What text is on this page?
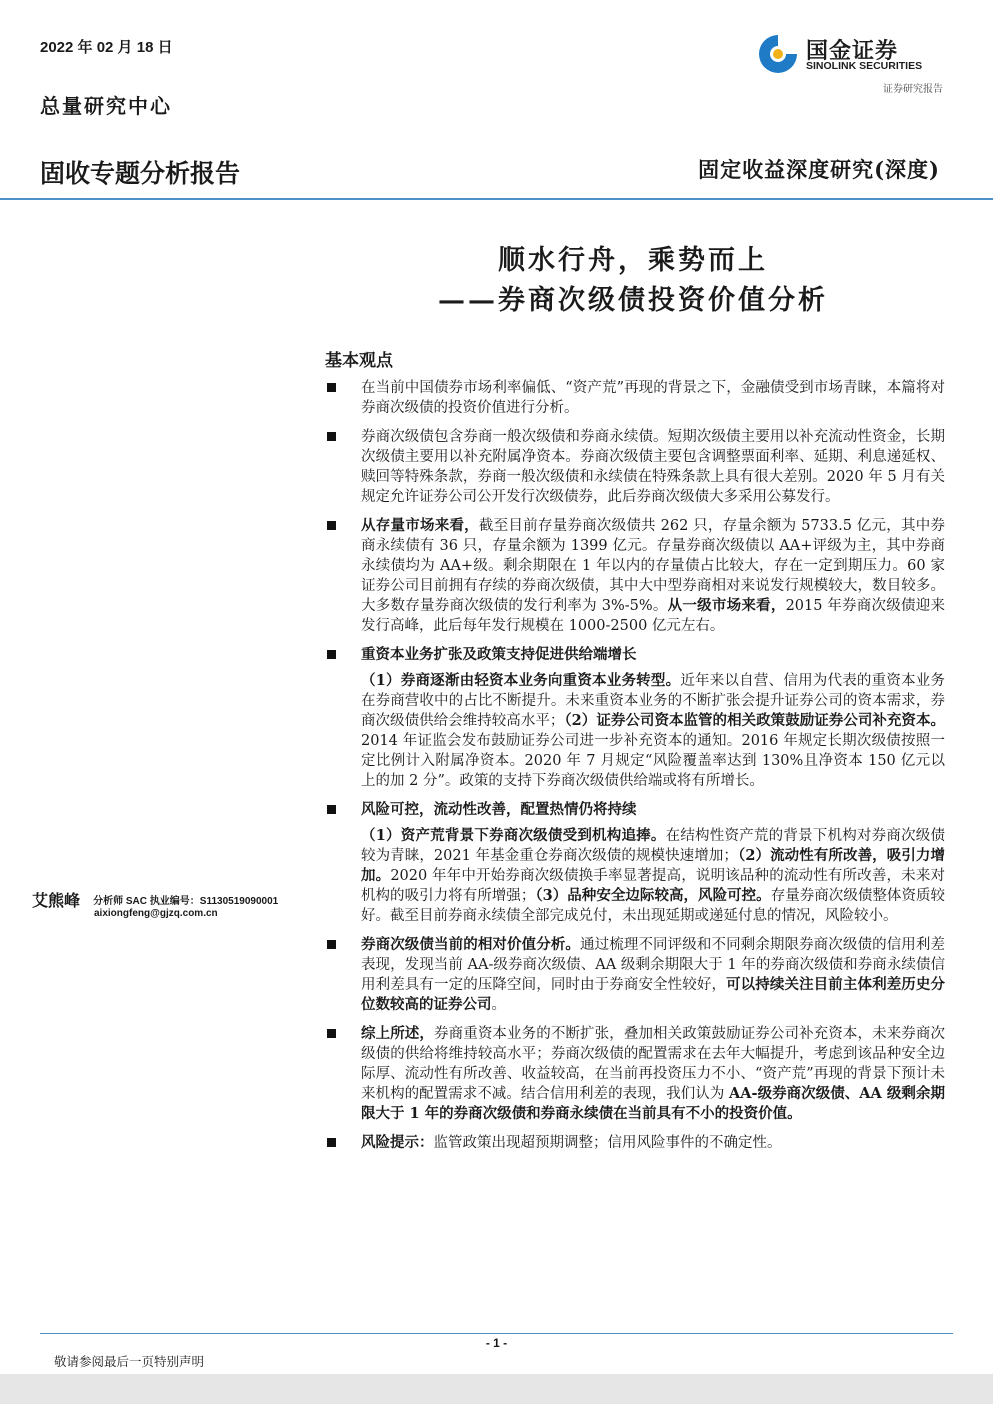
2022 年 02 月 18 日
总量研究中心
固收专题分析报告	固定收益深度研究(深度)
国金证券
SINOLINK SECURITIES
证券研究报告
顺水行舟，乘势而上
——券商次级债投资价值分析
基本观点

在当前中国债券市场利率偏低、“资产荒”再现的背景之下，金融债受到市场青睐，本篇将对券商次级债的投资价值进行分析。

券商次级债包含券商一般次级债和券商永续债。短期次级债主要用以补充流动性资金，长期次级债主要用以补充附属净资本。券商次级债主要包含调整票面利率、延期、利息递延权、赎回等特殊条款，券商一般次级债和永续债在特殊条款上具有很大差别。2020 年 5 月有关规定允许证券公司公开发行次级债券，此后券商次级债大多采用公募发行。

从存量市场来看，截至目前存量券商次级债共 262 只，存量余额为 5733.5 亿元，其中券商永续债有 36 只，存量余额为 1399 亿元。存量券商次级债以 AA+评级为主，其中券商永续债均为 AA+级。剩余期限在 1 年以内的存量债占比较大，存在一定到期压力。60 家证券公司目前拥有存续的券商次级债，其中大中型券商相对来说发行规模较大，数目较多。大多数存量券商次级债的发行利率为 3%-5%。从一级市场来看，2015 年券商次级债迎来发行高峰，此后每年发行规模在 1000-2500 亿元左右。

重资本业务扩张及政策支持促进供给端增长

（1）券商逐渐由轻资本业务向重资本业务转型。近年来以自营、信用为代表的重资本业务在券商营收中的占比不断提升。未来重资本业务的不断扩张会提升证券公司的资本需求，券商次级债供给会维持较高水平；（2）证券公司资本监管的相关政策鼓励证券公司补充资本。2014 年证监会发布鼓励证券公司进一步补充资本的通知。2016 年规定长期次级债按照一定比例计入附属净资本。2020 年 7 月规定“风险覆盖率达到 130%且净资本 150 亿元以上的加 2 分”。政策的支持下券商次级债供给端或将有所增长。

风险可控，流动性改善，配置热情仍将持续

（1）资产荒背景下券商次级债受到机构追捧。在结构性资产荒的背景下机构对券商次级债较为青睐，2021 年基金重仓券商次级债的规模快速增加；（2）流动性有所改善，吸引力增加。2020 年年中开始券商次级债换手率显著提高，说明该品种的流动性有所改善，未来对机构的吸引力将有所增强；（3）品种安全边际较高，风险可控。存量券商次级债整体资质较好。截至目前券商永续债全部完成兑付，未出现延期或递延付息的情况，风险较小。

券商次级债当前的相对价值分析。通过梳理不同评级和不同剩余期限券商次级债的信用利差表现，发现当前 AA-级券商次级债、AA 级剩余期限大于 1 年的券商次级债和券商永续债信用利差具有一定的压降空间，同时由于券商安全性较好，可以持续关注目前主体利差历史分位数较高的证券公司。

综上所述，券商重资本业务的不断扩张，叠加相关政策鼓励证券公司补充资本，未来券商次级债的供给将维持较高水平；券商次级债的配置需求在去年大幅提升，考虑到该品种安全边际厚、流动性有所改善、收益较高，在当前再投资压力不小、“资产荒”再现的背景下预计未来机构的配置需求不减。结合信用利差的表现，我们认为 AA-级券商次级债、AA 级剩余期限大于 1 年的券商次级债和券商永续债在当前具有不小的投资价值。

风险提示：监管政策出现超预期调整；信用风险事件的不确定性。

艾熊峰 分析师 SAC 执业编号：S1130519090001
aixiongfeng@gjzq.com.cn
- 1 -
敬请参阅最后一页特别声明
